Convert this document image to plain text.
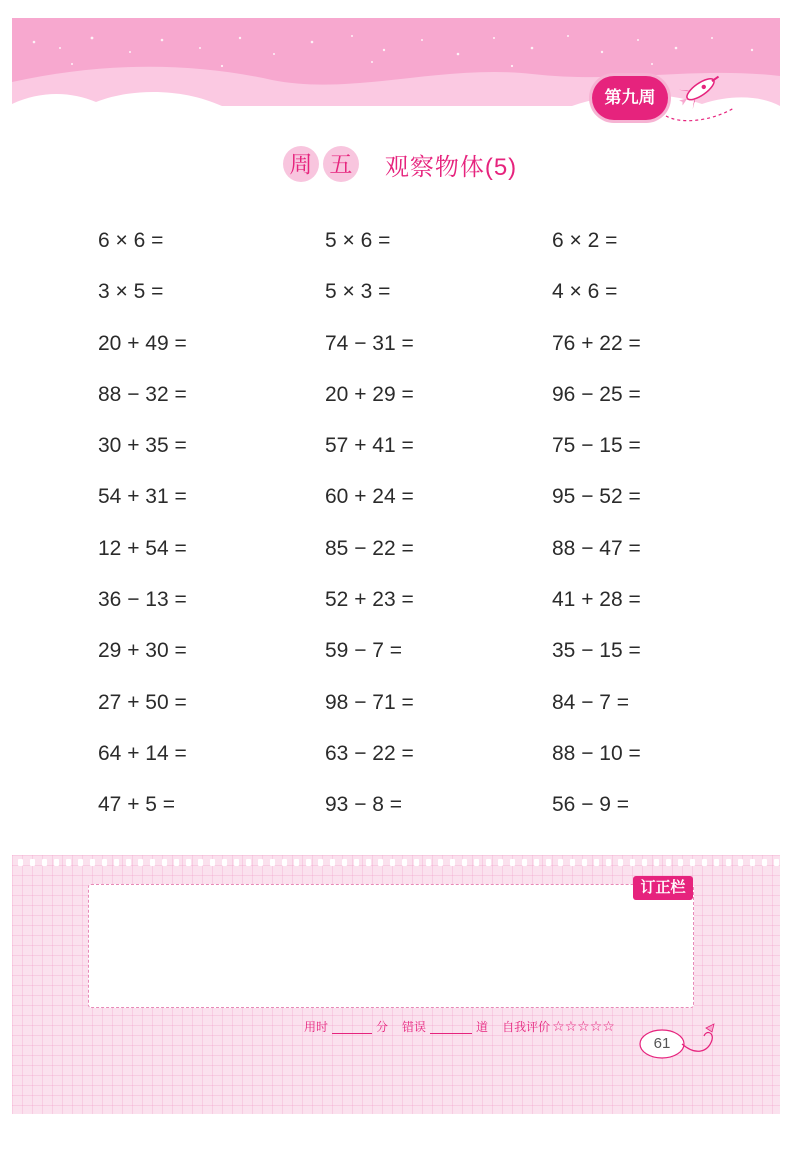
第九周
周 五 观察物体(5)
6 × 6 =	5 × 6 =	6 × 2 =
3 × 5 =	5 × 3 =	4 × 6 =
20 + 49 =	74 − 31 =	76 + 22 =
88 − 32 =	20 + 29 =	96 − 25 =
30 + 35 =	57 + 41 =	75 − 15 =
54 + 31 =	60 + 24 =	95 − 52 =
12 + 54 =	85 − 22 =	88 − 47 =
36 − 13 =	52 + 23 =	41 + 28 =
29 + 30 =	59 − 7 =	35 − 15 =
27 + 50 =	98 − 71 =	84 − 7 =
64 + 14 =	63 − 22 =	88 − 10 =
47 + 5 =	93 − 8 =	56 − 9 =
订正栏
用时	分 错误	道 自我评价 ☆☆☆☆☆
61
